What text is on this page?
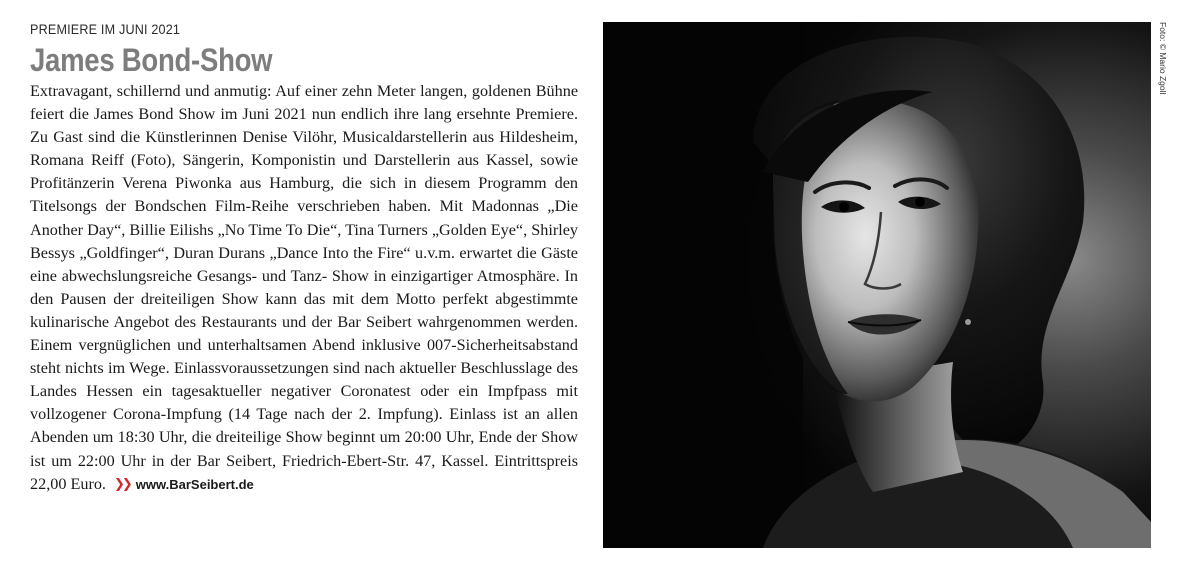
PREMIERE IM JUNI 2021
James Bond-Show
Extravagant, schillernd und anmutig: Auf einer zehn Meter langen, goldenen Bühne feiert die James Bond Show im Juni 2021 nun endlich ihre lang ersehnte Premiere. Zu Gast sind die Künstlerinnen Denise Vilöhr, Musicaldarstellerin aus Hildesheim, Romana Reiff (Foto), Sängerin, Komponistin und Darstellerin aus Kassel, sowie Profitänzerin Verena Piwonka aus Hamburg, die sich in diesem Programm den Titelsongs der Bondschen Film-Reihe verschrieben haben. Mit Madonnas „Die Another Day“, Billie Eilishs „No Time To Die“, Tina Turners „Golden Eye“, Shirley Bessys „Goldfinger“, Duran Durans „Dance Into the Fire“ u.v.m. erwartet die Gäste eine abwechslungsreiche Gesangs- und Tanz- Show in einzigartiger Atmosphäre. In den Pausen der dreiteiligen Show kann das mit dem Motto perfekt abgestimmte kulinarische Angebot des Restaurants und der Bar Seibert wahrgenommen werden. Einem vergnüglichen und unterhaltsamen Abend inklusive 007-Sicherheitsabstand steht nichts im Wege. Einlassvoraussetzungen sind nach aktueller Beschlusslage des Landes Hessen ein tagesaktueller negativer Coronatest oder ein Impfpass mit vollzogener Corona-Impfung (14 Tage nach der 2. Impfung). Einlass ist an allen Abenden um 18:30 Uhr, die dreiteilige Show beginnt um 20:00 Uhr, Ende der Show ist um 22:00 Uhr in der Bar Seibert, Friedrich-Ebert-Str. 47, Kassel. Eintrittspreis 22,00 Euro. ❯❯ www.BarSeibert.de
Foto: © Mario Zgoll
